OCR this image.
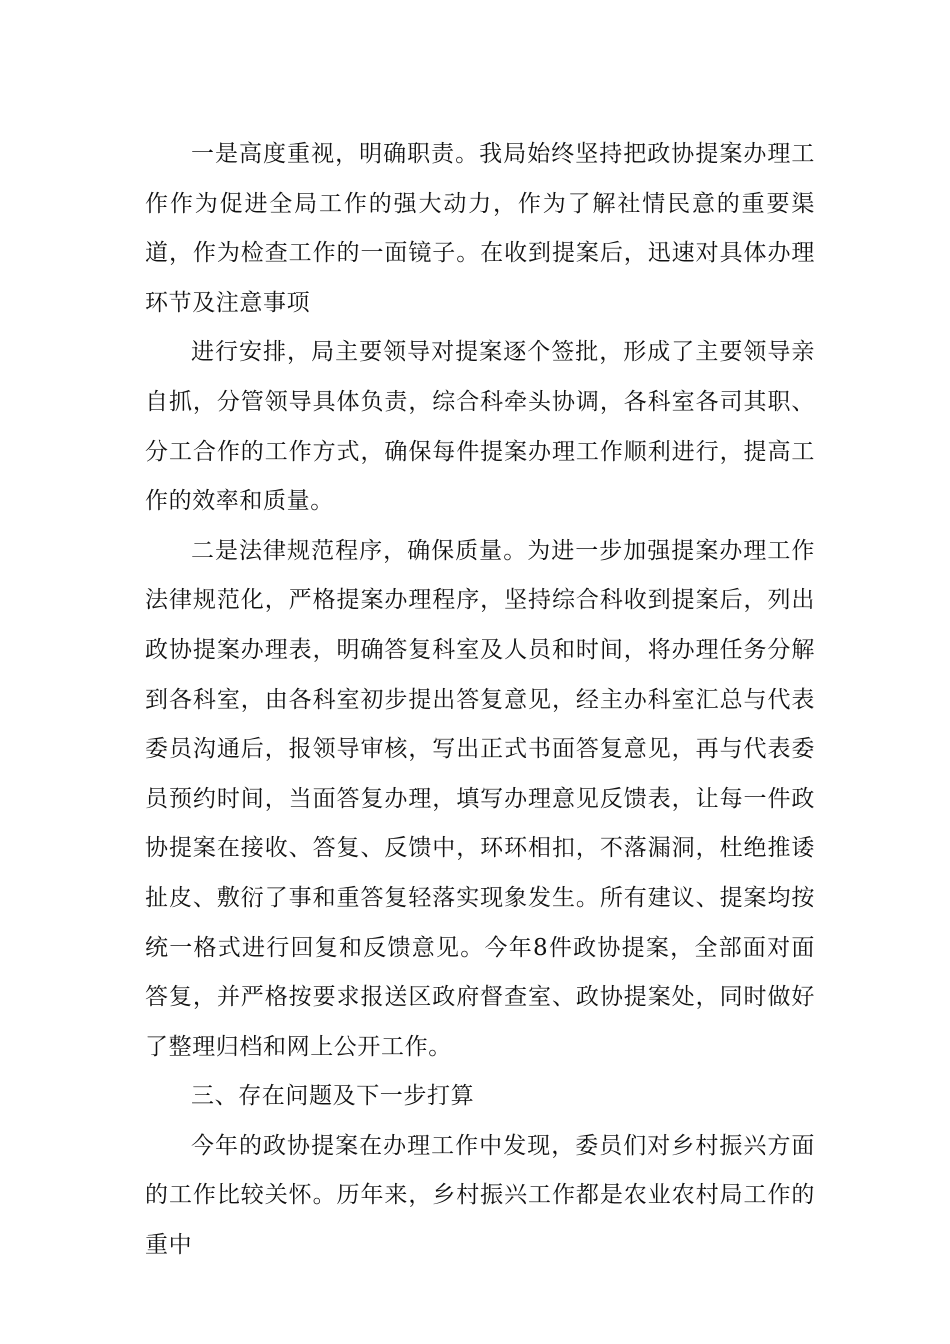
一是高度重视，明确职责。我局始终坚持把政协提案办理工作作为促进全局工作的强大动力，作为了解社情民意的重要渠道，作为检查工作的一面镜子。在收到提案后，迅速对具体办理环节及注意事项

进行安排，局主要领导对提案逐个签批，形成了主要领导亲自抓，分管领导具体负责，综合科牵头协调，各科室各司其职、分工合作的工作方式，确保每件提案办理工作顺利进行，提高工作的效率和质量。

二是法律规范程序，确保质量。为进一步加强提案办理工作法律规范化，严格提案办理程序，坚持综合科收到提案后，列出政协提案办理表，明确答复科室及人员和时间，将办理任务分解到各科室，由各科室初步提出答复意见，经主办科室汇总与代表委员沟通后，报领导审核，写出正式书面答复意见，再与代表委员预约时间，当面答复办理，填写办理意见反馈表，让每一件政协提案在接收、答复、反馈中，环环相扣，不落漏洞，杜绝推诿扯皮、敷衍了事和重答复轻落实现象发生。所有建议、提案均按统一格式进行回复和反馈意见。今年8件政协提案，全部面对面答复，并严格按要求报送区政府督查室、政协提案处，同时做好了整理归档和网上公开工作。

三、存在问题及下一步打算

今年的政协提案在办理工作中发现，委员们对乡村振兴方面的工作比较关怀。历年来，乡村振兴工作都是农业农村局工作的重中
